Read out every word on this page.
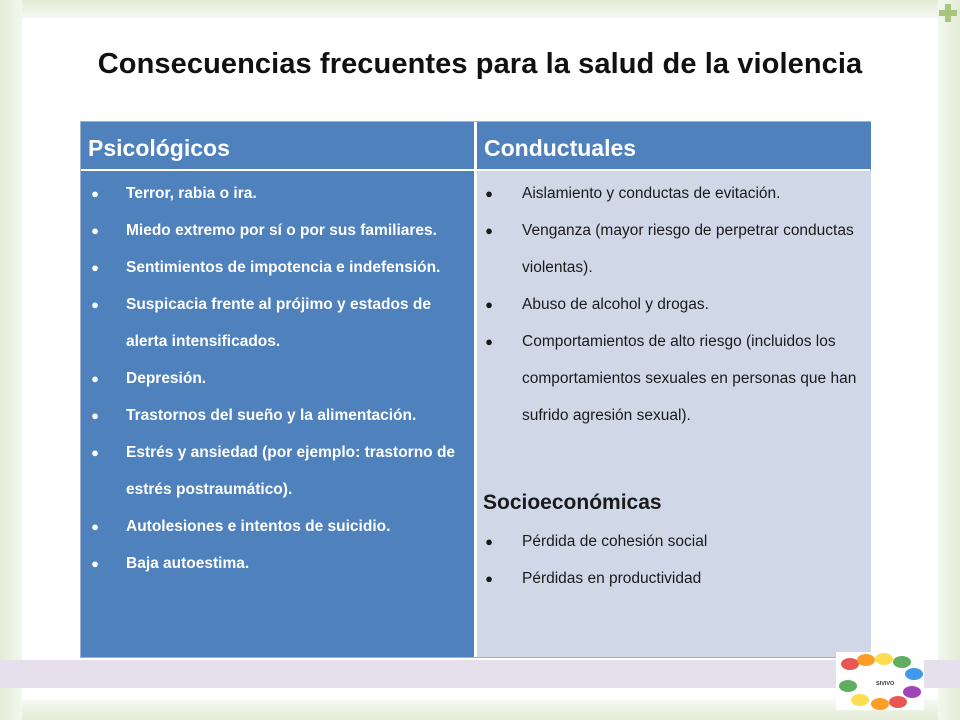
Consecuencias frecuentes para la salud de la violencia
Psicológicos	Conductuales
● Terror, rabia o ira.
● Miedo extremo por sí o por sus familiares.
● Sentimientos de impotencia e indefensión.
● Suspicacia frente al prójimo y estados de alerta intensificados.
● Depresión.
● Trastornos del sueño y la alimentación.
● Estrés y ansiedad (por ejemplo: trastorno de estrés postraumático).
● Autolesiones e intentos de suicidio.
● Baja autoestima.
● Aislamiento y conductas de evitación.
● Venganza (mayor riesgo de perpetrar conductas violentas).
● Abuso de alcohol y drogas.
● Comportamientos de alto riesgo (incluidos los comportamientos sexuales en personas que han sufrido agresión sexual).
Socioeconómicas
● Pérdida de cohesión social
● Pérdidas en productividad
SIVIVO
